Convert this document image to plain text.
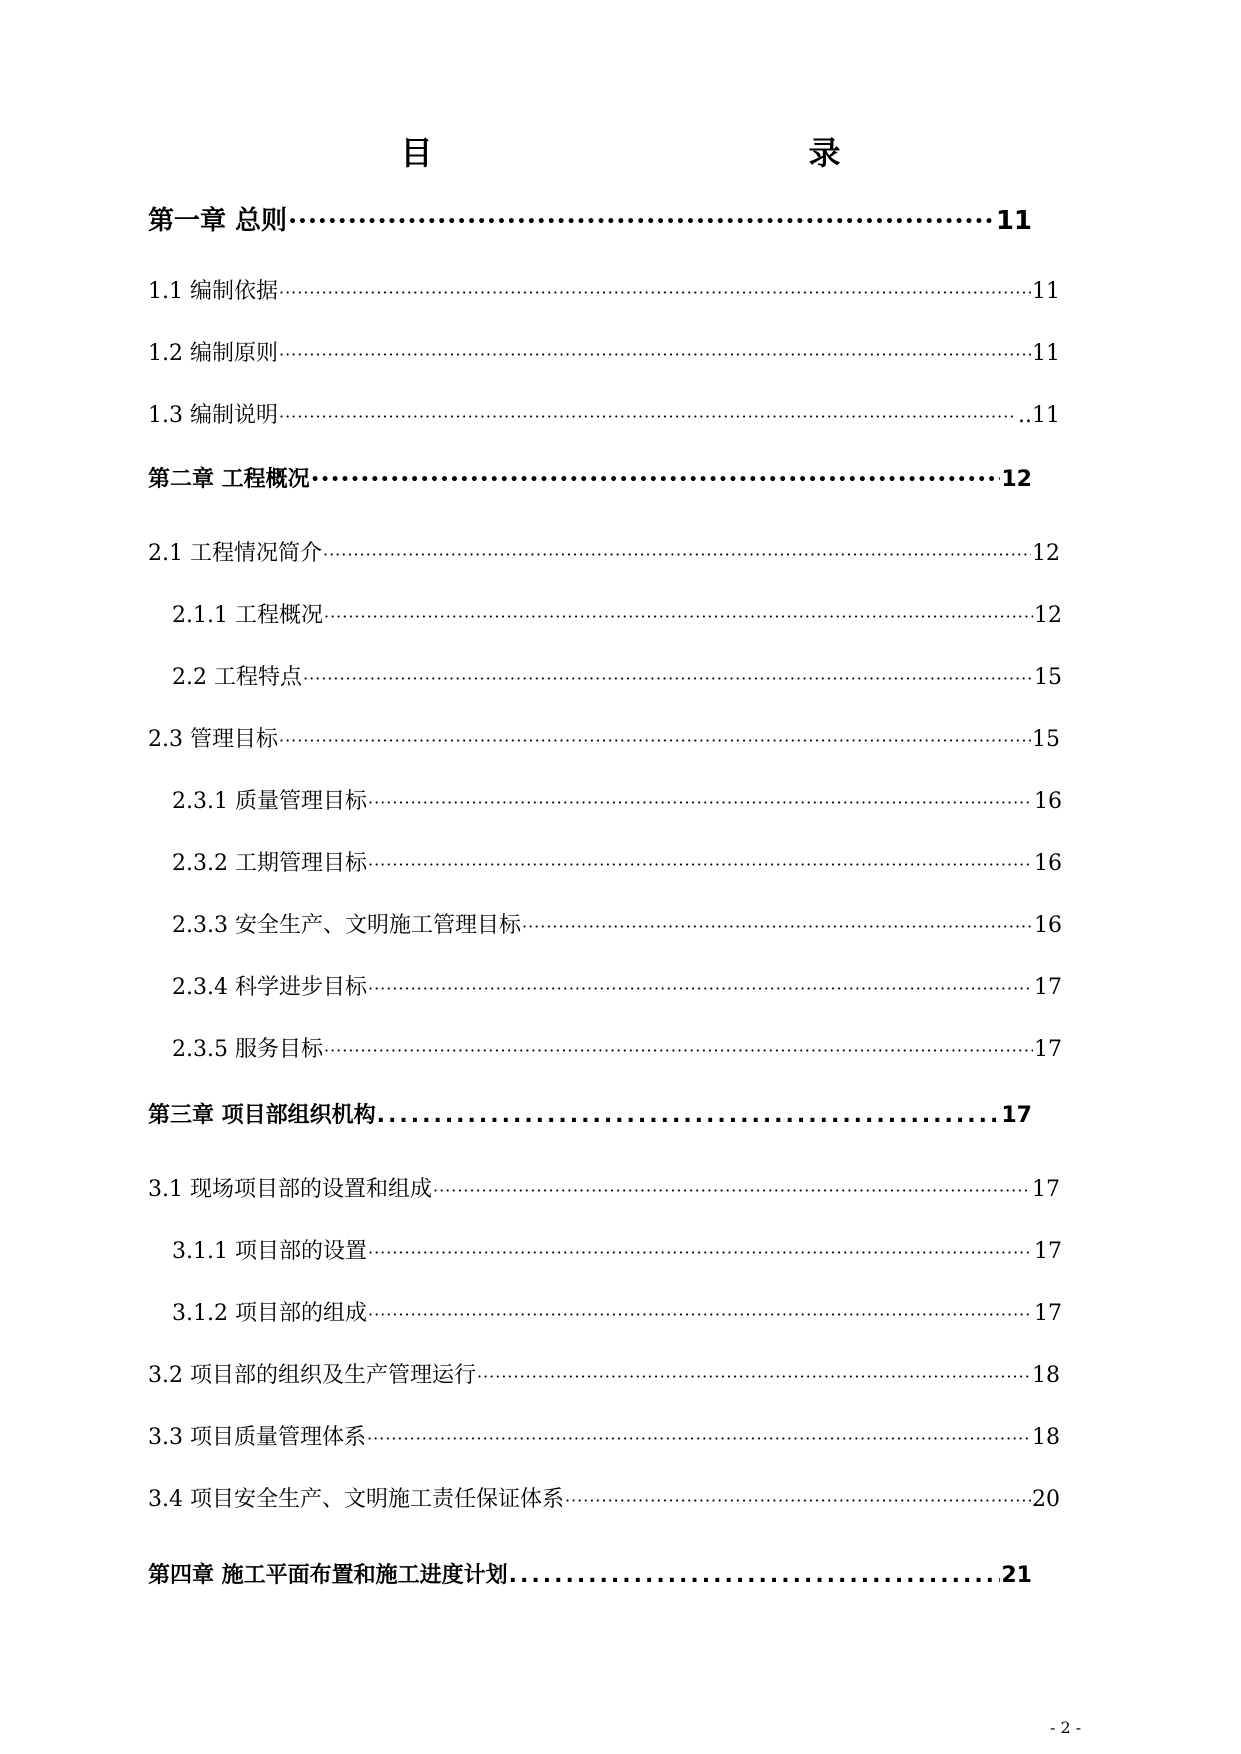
目　　录
第一章 总则 •••••	11
1.1 编制依据 ·····	11
1.2 编制原则 ·····	11
1.3 编制说明 ·····	..11
第二章 工程概况 •••••	12
2.1 工程情况简介 ·····	12
2.1.1 工程概况 ·····	12
2.2 工程特点 ·····	15
2.3 管理目标 ·····	15
2.3.1 质量管理目标 ·····	16
2.3.2 工期管理目标 ·····	16
2.3.3 安全生产、文明施工管理目标 ·····	16
2.3.4 科学进步目标 ·····	17
2.3.5 服务目标 ·····	17
第三章 项目部组织机构 .....	17
3.1 现场项目部的设置和组成 ·····	17
3.1.1 项目部的设置 ·····	17
3.1.2 项目部的组成 ·····	17
3.2 项目部的组织及生产管理运行 ·····	18
3.3 项目质量管理体系 ·····	18
3.4 项目安全生产、文明施工责任保证体系 ·····	20
第四章 施工平面布置和施工进度计划 .....	21
- 2 -
